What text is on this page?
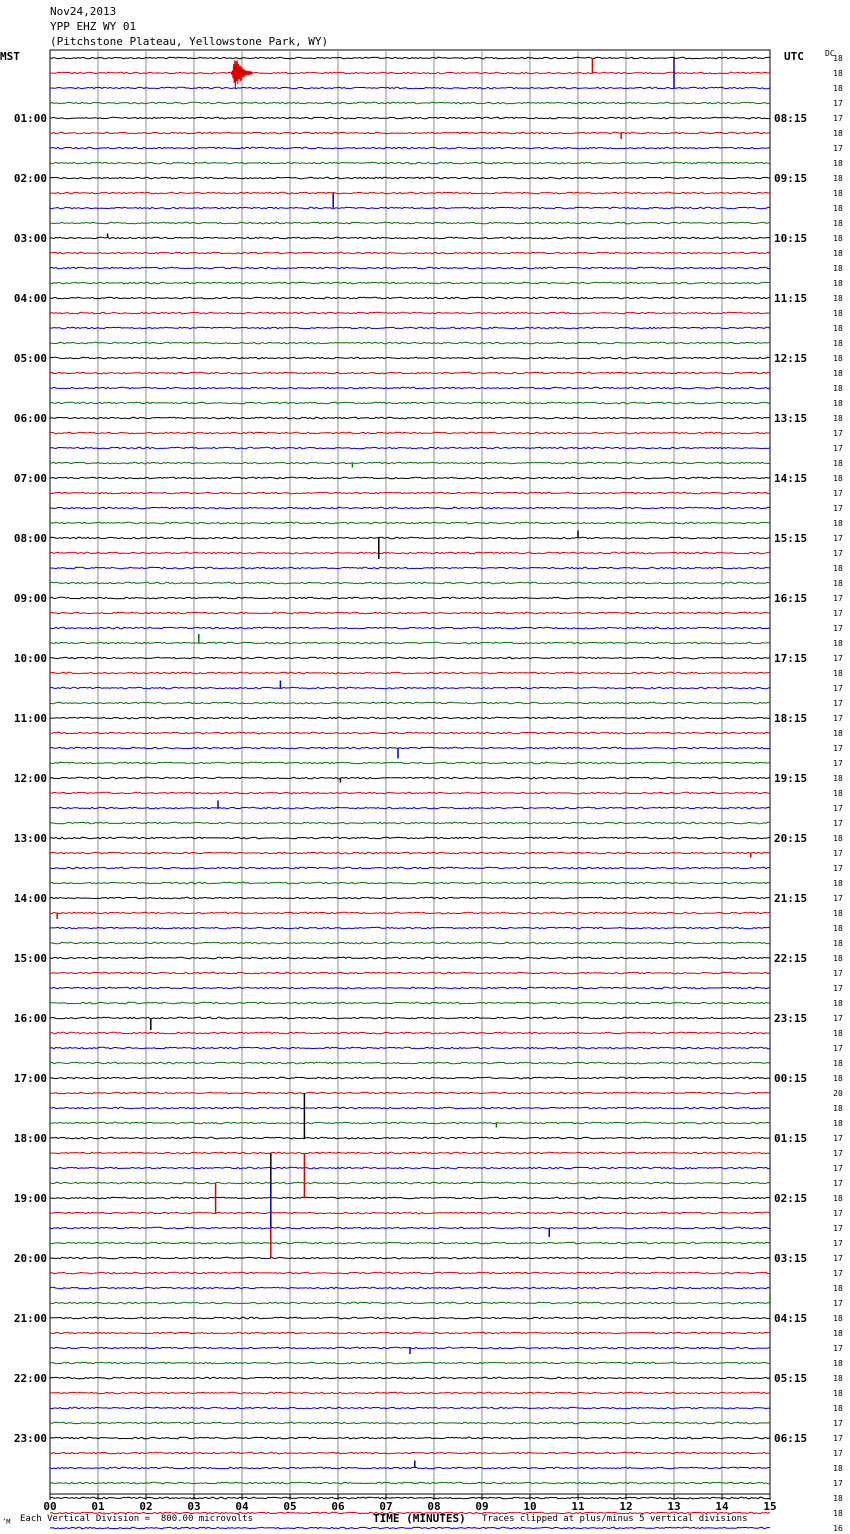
Nov24,2013
YPP EHZ WY 01
(Pitchstone Plateau, Yellowstone Park, WY)
MST	UTC	DC
00	01	02	03	04	05	06	07	08	09	10	11	12	13	14	15
18
18
18
17
17
18
17
18
18
18
18
18
18
18
18
18
18
18
18
18
18
18
18
18
18
17
17
18
18
17
17
18
17
17
18
18
17
17
17
18
17
18
17
17
17
18
17
17
18
18
17
17
18
17
17
18
17
18
18
18
18
17
17
18
17
18
17
18
18
20
18
18
17
17
17
17
18
17
17
17
17
17
18
17
18
18
17
18
18
18
18
17
17
17
18
17
18
18
16
01:00
02:00
03:00
04:00
05:00
06:00
07:00
08:00
09:00
10:00
11:00
12:00
13:00
14:00
15:00
16:00
17:00
18:00
19:00
20:00
21:00
22:00
23:00
08:15
09:15
10:15
11:15
12:15
13:15
14:15
15:15
16:15
17:15
18:15
19:15
20:15
21:15
22:15
23:15
00:15
01:15
02:15
03:15
04:15
05:15
06:15
TIME (MINUTES)
Each Vertical Division =  800.00 microvolts	Traces clipped at plus/minus 5 vertical divisions
’M
